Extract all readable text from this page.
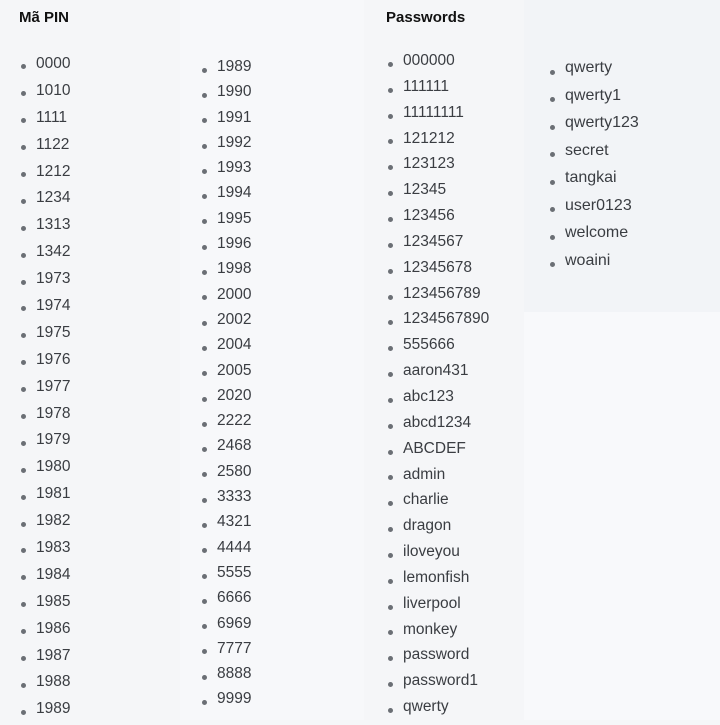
Mã PIN	Passwords
0000
1010
1111
1122
1212
1234
1313
1342
1973
1974
1975
1976
1977
1978
1979
1980
1981
1982
1983
1984
1985
1986
1987
1988
1989
1989
1990
1991
1992
1993
1994
1995
1996
1998
2000
2002
2004
2005
2020
2222
2468
2580
3333
4321
4444
5555
6666
6969
7777
8888
9999
000000
111111
11111111
121212
123123
12345
123456
1234567
12345678
123456789
1234567890
555666
aaron431
abc123
abcd1234
ABCDEF
admin
charlie
dragon
iloveyou
lemonfish
liverpool
monkey
password
password1
qwerty
qwerty
qwerty1
qwerty123
secret
tangkai
user0123
welcome
woaini
